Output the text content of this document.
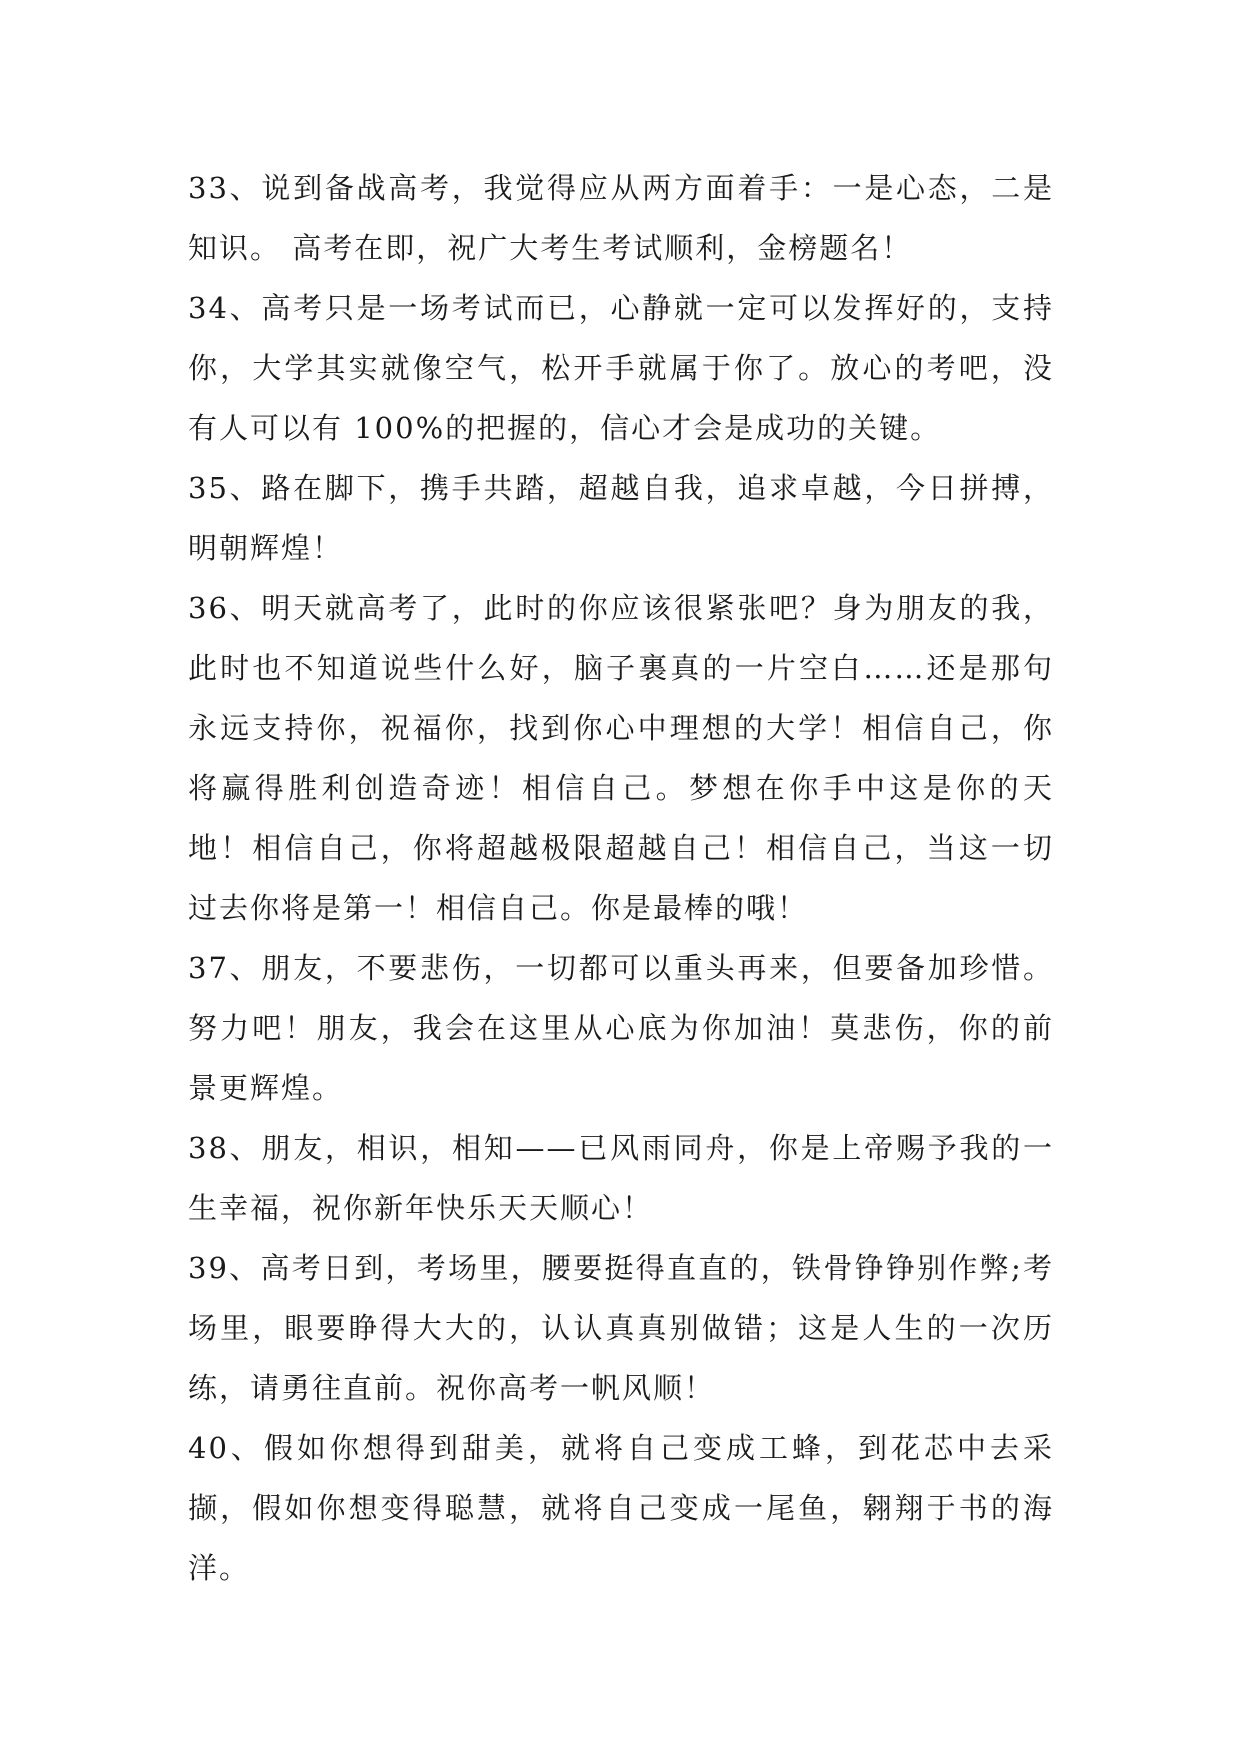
33、说到备战高考，我觉得应从两方面着手：一是心态，二是知识。 高考在即，祝广大考生考试顺利，金榜题名！

34、高考只是一场考试而已，心静就一定可以发挥好的，支持你，大学其实就像空气，松开手就属于你了。放心的考吧，没有人可以有 100%的把握的，信心才会是成功的关键。

35、路在脚下，携手共踏，超越自我，追求卓越，今日拼搏，明朝辉煌！

36、明天就高考了，此时的你应该很紧张吧？身为朋友的我，此时也不知道说些什么好，脑子裏真的一片空白……还是那句永远支持你，祝福你，找到你心中理想的大学！相信自己，你将赢得胜利创造奇迹！相信自己。梦想在你手中这是你的天地！相信自己，你将超越极限超越自己！相信自己，当这一切过去你将是第一！相信自己。你是最棒的哦！

37、朋友，不要悲伤，一切都可以重头再来，但要备加珍惜。努力吧！朋友，我会在这里从心底为你加油！莫悲伤，你的前景更辉煌。

38、朋友，相识，相知——已风雨同舟，你是上帝赐予我的一生幸福，祝你新年快乐天天顺心！

39、高考日到，考场里，腰要挺得直直的，铁骨铮铮别作弊;考场里，眼要睁得大大的，认认真真别做错；这是人生的一次历练，请勇往直前。祝你高考一帆风顺！

40、假如你想得到甜美，就将自己变成工蜂，到花芯中去采撷，假如你想变得聪慧，就将自己变成一尾鱼，翱翔于书的海洋。
